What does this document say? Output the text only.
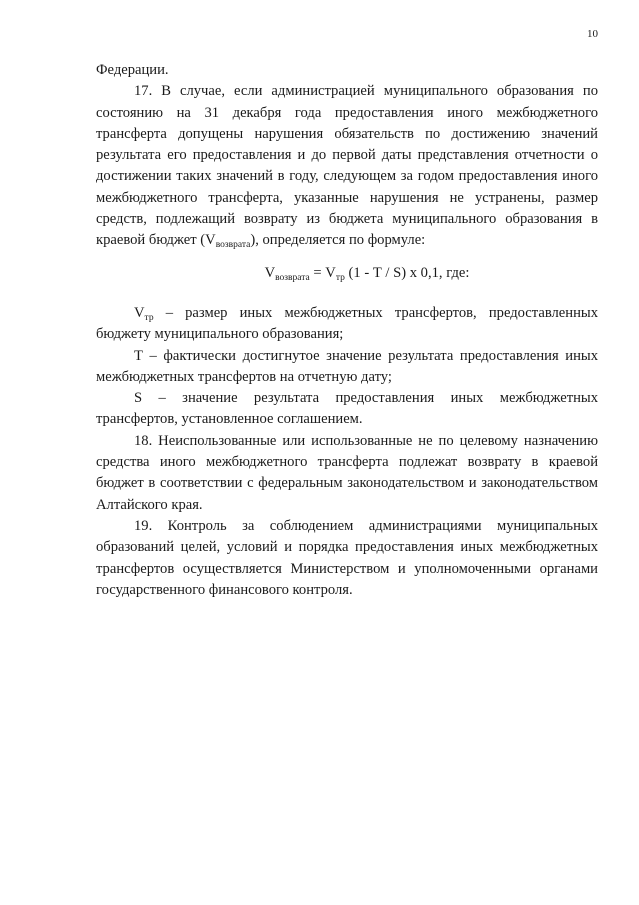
10

Федерации.

17. В случае, если администрацией муниципального образования по состоянию на 31 декабря года предоставления иного межбюджетного трансферта допущены нарушения обязательств по достижению значений результата его предоставления и до первой даты представления отчетности о достижении таких значений в году, следующем за годом предоставления иного межбюджетного трансферта, указанные нарушения не устранены, размер средств, подлежащий возврату из бюджета муниципального образования в краевой бюджет $(V_{возврата})$, определяется по формуле:

$V_{возврата} = V_{тр}$ (1 - Т / S) x 0,1, где:

$V_{тр}$ – размер иных межбюджетных трансфертов, предоставленных бюджету муниципального образования;

Т – фактически достигнутое значение результата предоставления иных межбюджетных трансфертов на отчетную дату;

S – значение результата предоставления иных межбюджетных трансфертов, установленное соглашением.

18. Неиспользованные или использованные не по целевому назначению средства иного межбюджетного трансферта подлежат возврату в краевой бюджет в соответствии с федеральным законодательством и законодательством Алтайского края.

19. Контроль за соблюдением администрациями муниципальных образований целей, условий и порядка предоставления иных межбюджетных трансфертов осуществляется Министерством и уполномоченными органами государственного финансового контроля.
